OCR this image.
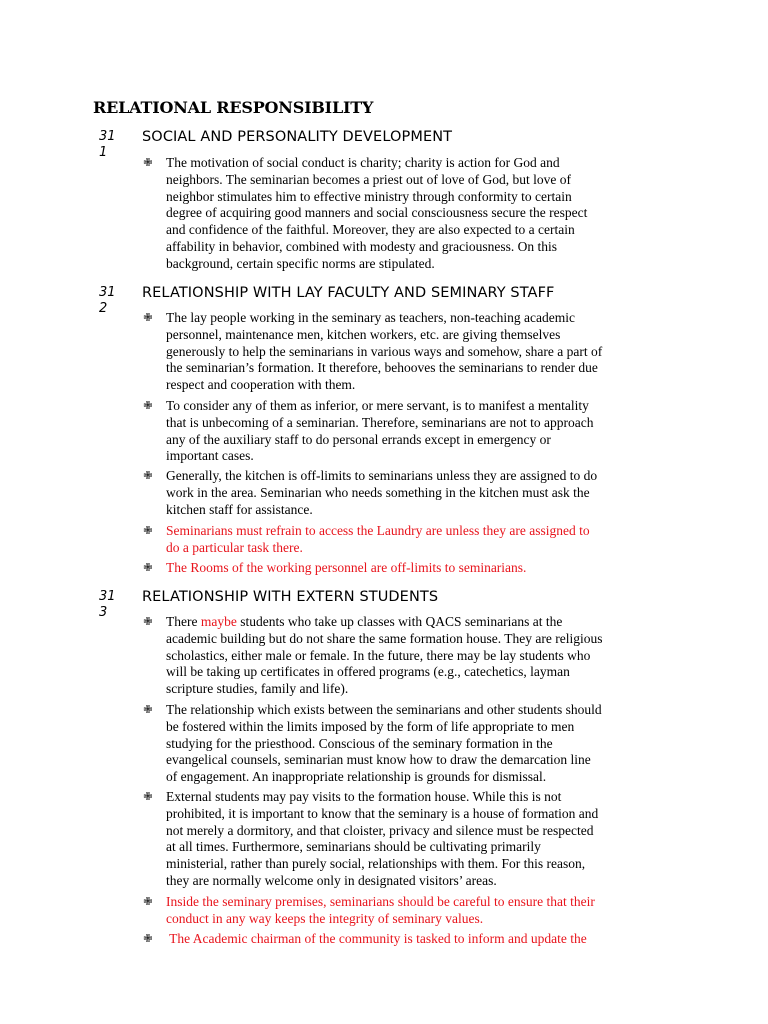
RELATIONAL RESPONSIBILITY
31
1
SOCIAL AND PERSONALITY DEVELOPMENT
✙ The motivation of social conduct is charity; charity is action for God and
neighbors. The seminarian becomes a priest out of love of God, but love of
neighbor stimulates him to effective ministry through conformity to certain
degree of acquiring good manners and social consciousness secure the respect
and confidence of the faithful. Moreover, they are also expected to a certain
affability in behavior, combined with modesty and graciousness. On this
background, certain specific norms are stipulated.
31
2
RELATIONSHIP WITH LAY FACULTY AND SEMINARY STAFF
✙ The lay people working in the seminary as teachers, non-teaching academic
personnel, maintenance men, kitchen workers, etc. are giving themselves
generously to help the seminarians in various ways and somehow, share a part of
the seminarian’s formation. It therefore, behooves the seminarians to render due
respect and cooperation with them.
✙ To consider any of them as inferior, or mere servant, is to manifest a mentality
that is unbecoming of a seminarian. Therefore, seminarians are not to approach
any of the auxiliary staff to do personal errands except in emergency or
important cases.
✙ Generally, the kitchen is off-limits to seminarians unless they are assigned to do
work in the area. Seminarian who needs something in the kitchen must ask the
kitchen staff for assistance.
✙ Seminarians must refrain to access the Laundry are unless they are assigned to
do a particular task there.
✙ The Rooms of the working personnel are off-limits to seminarians.
31
3
RELATIONSHIP WITH EXTERN STUDENTS
✙ There maybe students who take up classes with QACS seminarians at the
academic building but do not share the same formation house. They are religious
scholastics, either male or female. In the future, there may be lay students who
will be taking up certificates in offered programs (e.g., catechetics, layman
scripture studies, family and life).
✙ The relationship which exists between the seminarians and other students should
be fostered within the limits imposed by the form of life appropriate to men
studying for the priesthood. Conscious of the seminary formation in the
evangelical counsels, seminarian must know how to draw the demarcation line
of engagement. An inappropriate relationship is grounds for dismissal.
✙ External students may pay visits to the formation house. While this is not
prohibited, it is important to know that the seminary is a house of formation and
not merely a dormitory, and that cloister, privacy and silence must be respected
at all times. Furthermore, seminarians should be cultivating primarily
ministerial, rather than purely social, relationships with them. For this reason,
they are normally welcome only in designated visitors’ areas.
✙ Inside the seminary premises, seminarians should be careful to ensure that their
conduct in any way keeps the integrity of seminary values.
✙ The Academic chairman of the community is tasked to inform and update the
